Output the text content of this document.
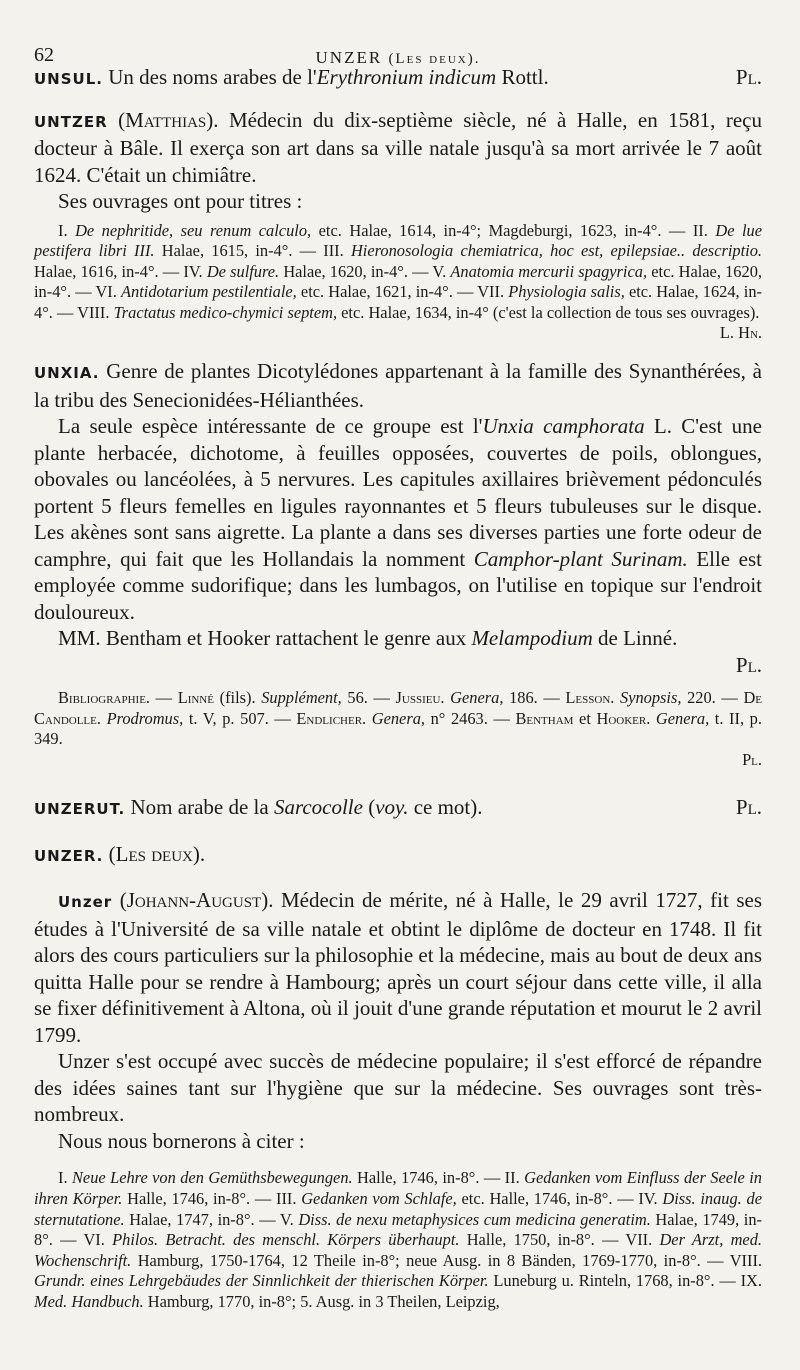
62	UNZER (Les deux).

UNSUL. Un des noms arabes de l'Erythronium indicum Rottl.	Pl.

UNTZER (Matthias). Médecin du dix-septième siècle, né à Halle, en 1581, reçu docteur à Bâle. Il exerça son art dans sa ville natale jusqu'à sa mort arrivée le 7 août 1624. C'était un chimiâtre.

Ses ouvrages ont pour titres :

I. De nephritide, seu renum calculo, etc. Halae, 1614, in-4°; Magdeburgi, 1623, in-4°. — II. De lue pestifera libri III. Halae, 1615, in-4°. — III. Hieronosologia chemiatrica, hoc est, epilepsiae.. descriptio. Halae, 1616, in-4°. — IV. De sulfure. Halae, 1620, in-4°. — V. Anatomia mercurii spagyrica, etc. Halae, 1620, in-4°. — VI. Antidotarium pestilentiale, etc. Halae, 1621, in-4°. — VII. Physiologia salis, etc. Halae, 1624, in-4°. — VIII. Tractatus medico-chymici septem, etc. Halae, 1634, in-4° (c'est la collection de tous ses ouvrages).

L. Hn.

UNXIA. Genre de plantes Dicotylédones appartenant à la famille des Synanthérées, à la tribu des Senecionidées-Hélianthées.

La seule espèce intéressante de ce groupe est l'Unxia camphorata L. C'est une plante herbacée, dichotome, à feuilles opposées, couvertes de poils, oblongues, obovales ou lancéolées, à 5 nervures. Les capitules axillaires brièvement pédonculés portent 5 fleurs femelles en ligules rayonnantes et 5 fleurs tubuleuses sur le disque. Les akènes sont sans aigrette. La plante a dans ses diverses parties une forte odeur de camphre, qui fait que les Hollandais la nomment Camphor-plant Surinam. Elle est employée comme sudorifique; dans les lumbagos, on l'utilise en topique sur l'endroit douloureux.

MM. Bentham et Hooker rattachent le genre aux Melampodium de Linné.

Pl.

Bibliographie. — Linné (fils). Supplément, 56. — Jussieu. Genera, 186. — Lesson. Synopsis, 220. — De Candolle. Prodromus, t. V, p. 507. — Endlicher. Genera, n° 2463. — Bentham et Hooker. Genera, t. II, p. 349.

Pl.

UNZERUT. Nom arabe de la Sarcocolle (voy. ce mot).	Pl.

UNZER. (Les deux).

Unzer (Johann-August). Médecin de mérite, né à Halle, le 29 avril 1727, fit ses études à l'Université de sa ville natale et obtint le diplôme de docteur en 1748. Il fit alors des cours particuliers sur la philosophie et la médecine, mais au bout de deux ans quitta Halle pour se rendre à Hambourg; après un court séjour dans cette ville, il alla se fixer définitivement à Altona, où il jouit d'une grande réputation et mourut le 2 avril 1799.

Unzer s'est occupé avec succès de médecine populaire; il s'est efforcé de répandre des idées saines tant sur l'hygiène que sur la médecine. Ses ouvrages sont très-nombreux.

Nous nous bornerons à citer :

I. Neue Lehre von den Gemüthsbewegungen. Halle, 1746, in-8°. — II. Gedanken vom Einfluss der Seele in ihren Körper. Halle, 1746, in-8°. — III. Gedanken vom Schlafe, etc. Halle, 1746, in-8°. — IV. Diss. inaug. de sternutatione. Halae, 1747, in-8°. — V. Diss. de nexu metaphysices cum medicina generatim. Halae, 1749, in-8°. — VI. Philos. Betracht. des menschl. Körpers überhaupt. Halle, 1750, in-8°. — VII. Der Arzt, med. Wochenschrift. Hamburg, 1750-1764, 12 Theile in-8°; neue Ausg. in 8 Bänden, 1769-1770, in-8°. — VIII. Grundr. eines Lehrgebäudes der Sinnlichkeit der thierischen Körper. Luneburg u. Rinteln, 1768, in-8°. — IX. Med. Handbuch. Hamburg, 1770, in-8°; 5. Ausg. in 3 Theilen, Leipzig,
